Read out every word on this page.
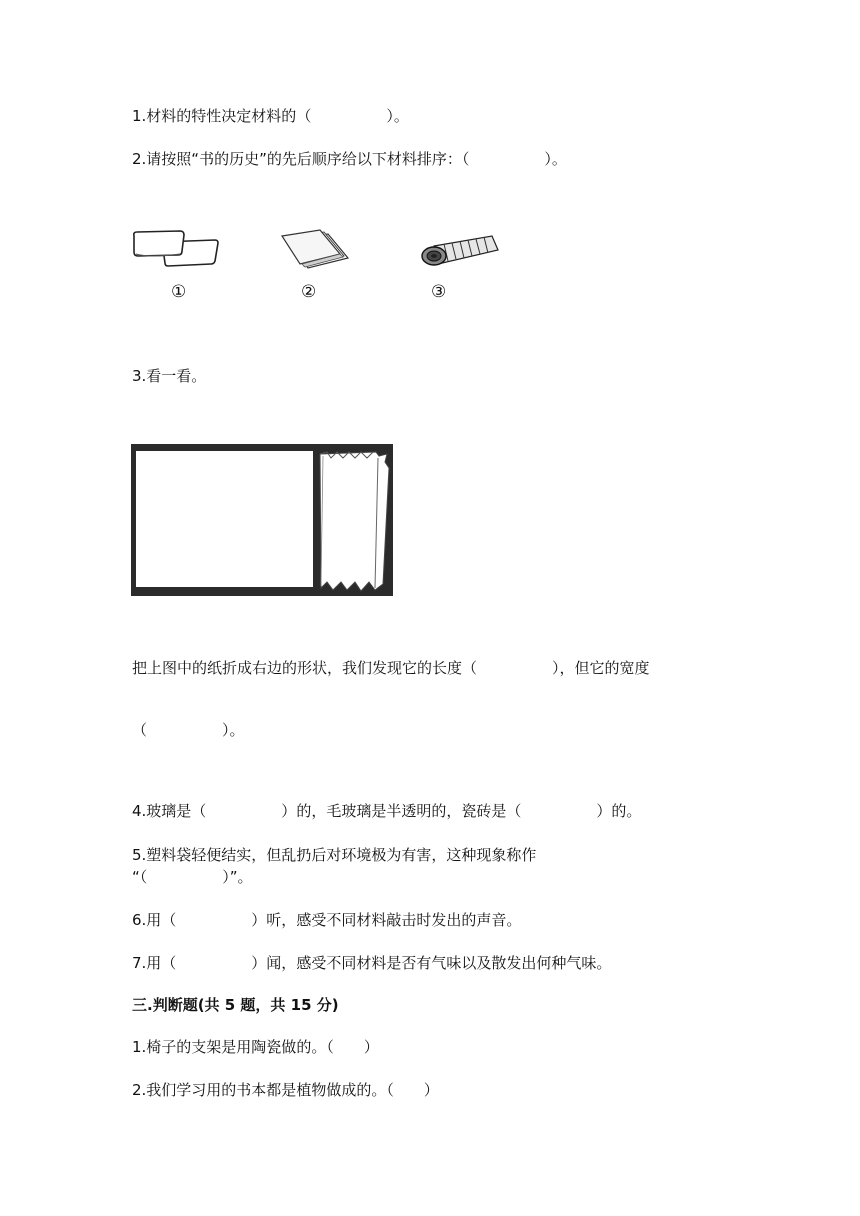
1.材料的特性决定材料的（　　　　　）。
2.请按照“书的历史”的先后顺序给以下材料排序：（　　　　　）。
①	②	③
3.看一看。
把上图中的纸折成右边的形状，我们发现它的长度（　　　　　），但它的宽度
（　　　　　）。
4.玻璃是（　　　　　）的，毛玻璃是半透明的，瓷砖是（　　　　　）的。
5.塑料袋轻便结实，但乱扔后对环境极为有害，这种现象称作
“（　　　　　）”。
6.用（　　　　　）听，感受不同材料敲击时发出的声音。
7.用（　　　　　）闻，感受不同材料是否有气味以及散发出何种气味。
三.判断题(共 5 题，共 15 分)
1.椅子的支架是用陶瓷做的。（　　）
2.我们学习用的书本都是植物做成的。（　　）
